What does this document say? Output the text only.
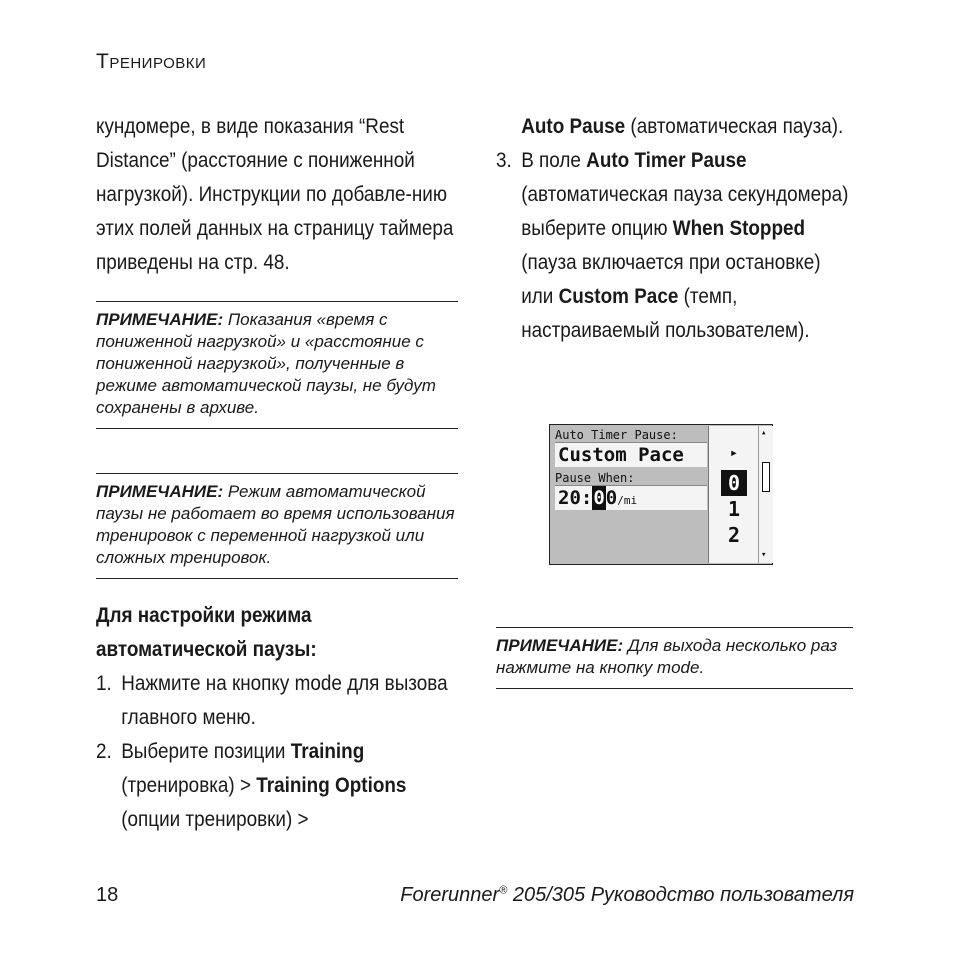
ТРЕНИРОВКИ

кундомере, в виде показания “Rest Distance” (расстояние с пониженной нагрузкой). Инструкции по добавле-нию этих полей данных на страницу таймера приведены на стр. 48.

ПРИМЕЧАНИЕ: Показания «время с пониженной нагрузкой» и «расстояние с пониженной нагрузкой», полученные в режиме автоматической паузы, не будут сохранены в архиве.
ПРИМЕЧАНИЕ: Режим автоматической паузы не работает во время использования тренировок с переменной нагрузкой или сложных тренировок.
Для настройки режима автоматической паузы:
1. Нажмите на кнопку mode для вызова главного меню.
2. Выберите позиции Training (тренировка) > Training Options (опции тренировки) >
Auto Pause (автоматическая пауза).
3. В поле Auto Timer Pause (автоматическая пауза секундомера) выберите опцию When Stopped (пауза включается при остановке) или Custom Pace (темп, настраиваемый пользователем).
Auto Timer Pause:
Custom Pace
Pause When:
20:00/mi
▸
0
1
2
▴
▾
ПРИМЕЧАНИЕ: Для выхода несколько раз нажмите на кнопку mode.
18	Forerunner® 205/305 Руководство пользователя
